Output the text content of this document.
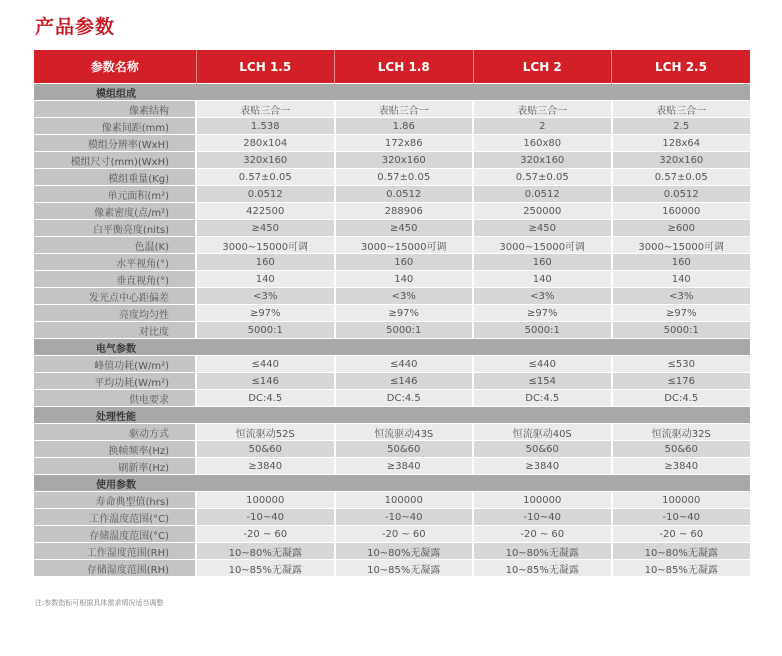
产品参数
参数名称	LCH 1.5	LCH 1.8	LCH 2	LCH 2.5
模组组成				
像素结构	表贴三合一	表贴三合一	表贴三合一	表贴三合一
像素间距(mm)	1.538	1.86	2	2.5
模组分辨率(WxH)	280x104	172x86	160x80	128x64
模组尺寸(mm)(WxH)	320x160	320x160	320x160	320x160
模组重量(Kg)	0.57±0.05	0.57±0.05	0.57±0.05	0.57±0.05
单元面积(m²)	0.0512	0.0512	0.0512	0.0512
像素密度(点/m²)	422500	288906	250000	160000
白平衡亮度(nits)	≥450	≥450	≥450	≥600
色温(K)	3000~15000可调	3000~15000可调	3000~15000可调	3000~15000可调
水平视角(°)	160	160	160	160
垂直视角(°)	140	140	140	140
发光点中心距偏差	<3%	<3%	<3%	<3%
亮度均匀性	≥97%	≥97%	≥97%	≥97%
对比度	5000:1	5000:1	5000:1	5000:1
电气参数				
峰值功耗(W/m²)	≤440	≤440	≤440	≤530
平均功耗(W/m²)	≤146	≤146	≤154	≤176
供电要求	DC:4.5	DC:4.5	DC:4.5	DC:4.5
处理性能				
驱动方式	恒流驱动52S	恒流驱动43S	恒流驱动40S	恒流驱动32S
换帧频率(Hz)	50&60	50&60	50&60	50&60
刷新率(Hz)	≥3840	≥3840	≥3840	≥3840
使用参数				
寿命典型值(hrs)	100000	100000	100000	100000
工作温度范围(°C)	-10~40	-10~40	-10~40	-10~40
存储温度范围(°C)	-20 ~ 60	-20 ~ 60	-20 ~ 60	-20 ~ 60
工作湿度范围(RH)	10~80%无凝露	10~80%无凝露	10~80%无凝露	10~80%无凝露
存储湿度范围(RH)	10~85%无凝露	10~85%无凝露	10~85%无凝露	10~85%无凝露
注:参数指标可根据具体需求情况适当调整
